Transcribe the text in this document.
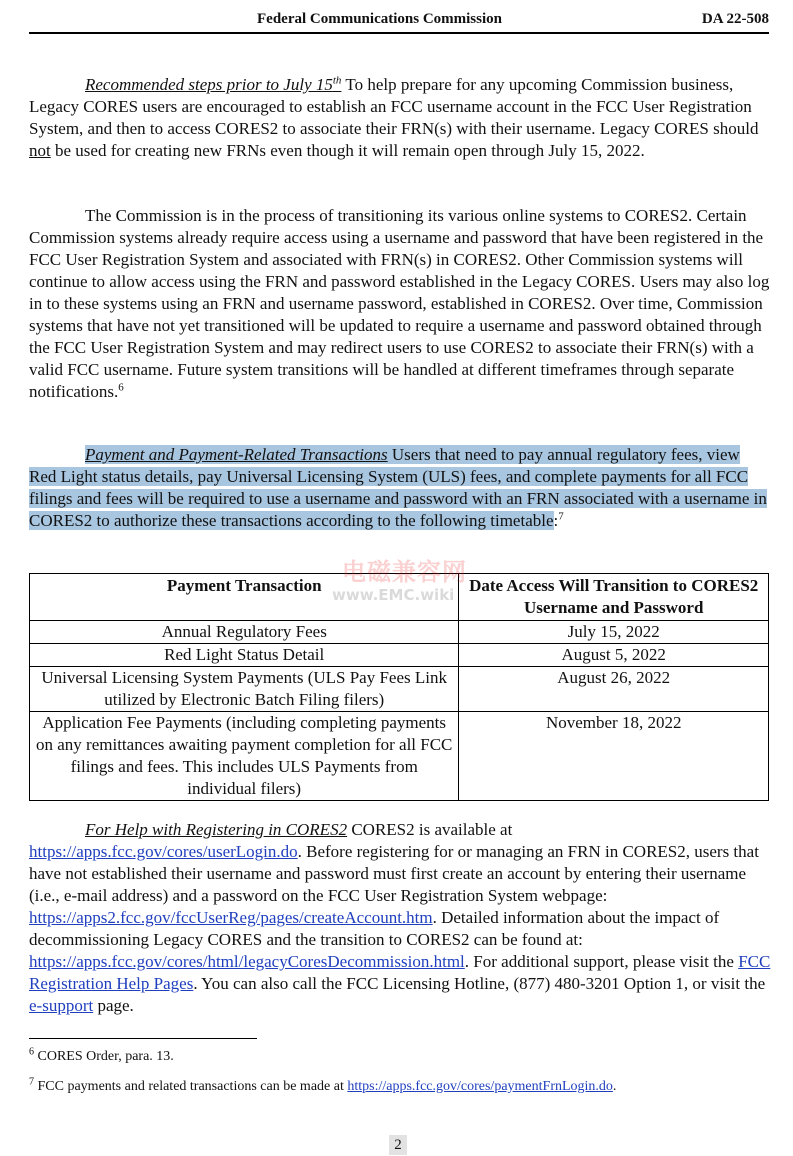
Federal Communications Commission	DA 22-508

Recommended steps prior to July 15th To help prepare for any upcoming Commission business, Legacy CORES users are encouraged to establish an FCC username account in the FCC User Registration System, and then to access CORES2 to associate their FRN(s) with their username. Legacy CORES should not be used for creating new FRNs even though it will remain open through July 15, 2022.

The Commission is in the process of transitioning its various online systems to CORES2. Certain Commission systems already require access using a username and password that have been registered in the FCC User Registration System and associated with FRN(s) in CORES2. Other Commission systems will continue to allow access using the FRN and password established in the Legacy CORES. Users may also log in to these systems using an FRN and username password, established in CORES2. Over time, Commission systems that have not yet transitioned will be updated to require a username and password obtained through the FCC User Registration System and may redirect users to use CORES2 to associate their FRN(s) with a valid FCC username. Future system transitions will be handled at different timeframes through separate notifications.$^6$

Payment and Payment-Related Transactions Users that need to pay annual regulatory fees, view Red Light status details, pay Universal Licensing System (ULS) fees, and complete payments for all FCC filings and fees will be required to use a username and password with an FRN associated with a username in CORES2 to authorize these transactions according to the following timetable:$^7$

Payment Transaction	Date Access Will Transition to CORES2 Username and Password
Annual Regulatory Fees	July 15, 2022
Red Light Status Detail	August 5, 2022
Universal Licensing System Payments (ULS Pay Fees Link utilized by Electronic Batch Filing filers)	August 26, 2022
Application Fee Payments (including completing payments on any remittances awaiting payment completion for all FCC filings and fees. This includes ULS Payments from individual filers)	November 18, 2022
电磁兼容网
www.EMC.wiki

For Help with Registering in CORES2 CORES2 is available at https://apps.fcc.gov/cores/userLogin.do. Before registering for or managing an FRN in CORES2, users that have not established their username and password must first create an account by entering their username (i.e., e-mail address) and a password on the FCC User Registration System webpage: https://apps2.fcc.gov/fccUserReg/pages/createAccount.htm. Detailed information about the impact of decommissioning Legacy CORES and the transition to CORES2 can be found at: https://apps.fcc.gov/cores/html/legacyCoresDecommission.html. For additional support, please visit the FCC Registration Help Pages. You can also call the FCC Licensing Hotline, (877) 480-3201 Option 1, or visit the e-support page.

$^6$ CORES Order, para. 13.

$^7$ FCC payments and related transactions can be made at https://apps.fcc.gov/cores/paymentFrnLogin.do.

2
